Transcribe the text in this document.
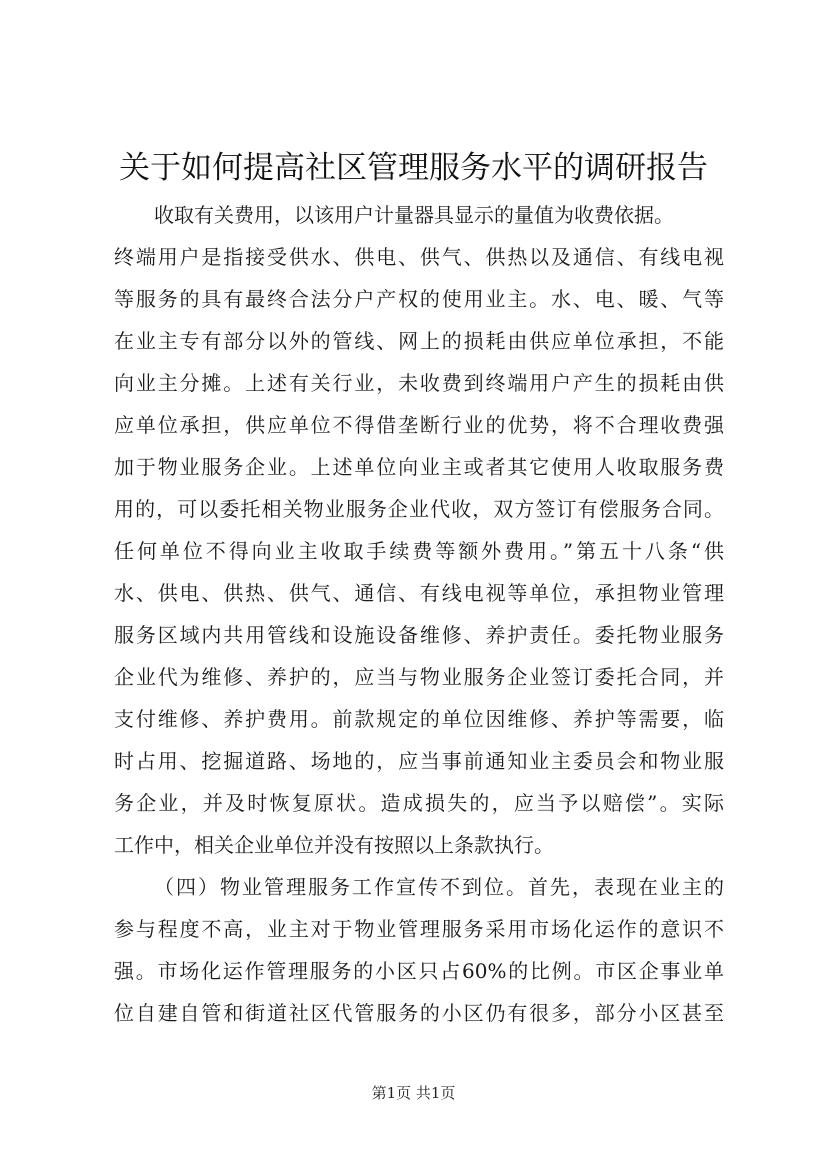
关于如何提高社区管理服务水平的调研报告
收取有关费用，以该用户计量器具显示的量值为收费依据。
终端用户是指接受供水、供电、供气、供热以及通信、有线电视
等服务的具有最终合法分户产权的使用业主。水、电、暖、气等
在业主专有部分以外的管线、网上的损耗由供应单位承担，不能
向业主分摊。上述有关行业，未收费到终端用户产生的损耗由供
应单位承担，供应单位不得借垄断行业的优势，将不合理收费强
加于物业服务企业。上述单位向业主或者其它使用人收取服务费
用的，可以委托相关物业服务企业代收，双方签订有偿服务合同。
任何单位不得向业主收取手续费等额外费用。”第五十八条“供
水、供电、供热、供气、通信、有线电视等单位，承担物业管理
服务区域内共用管线和设施设备维修、养护责任。委托物业服务
企业代为维修、养护的，应当与物业服务企业签订委托合同，并
支付维修、养护费用。前款规定的单位因维修、养护等需要，临
时占用、挖掘道路、场地的，应当事前通知业主委员会和物业服
务企业，并及时恢复原状。造成损失的，应当予以赔偿”。实际
工作中，相关企业单位并没有按照以上条款执行。
（四）物业管理服务工作宣传不到位。首先，表现在业主的
参与程度不高，业主对于物业管理服务采用市场化运作的意识不
强。市场化运作管理服务的小区只占60%的比例。市区企事业单
位自建自管和街道社区代管服务的小区仍有很多，部分小区甚至
第1页 共1页
